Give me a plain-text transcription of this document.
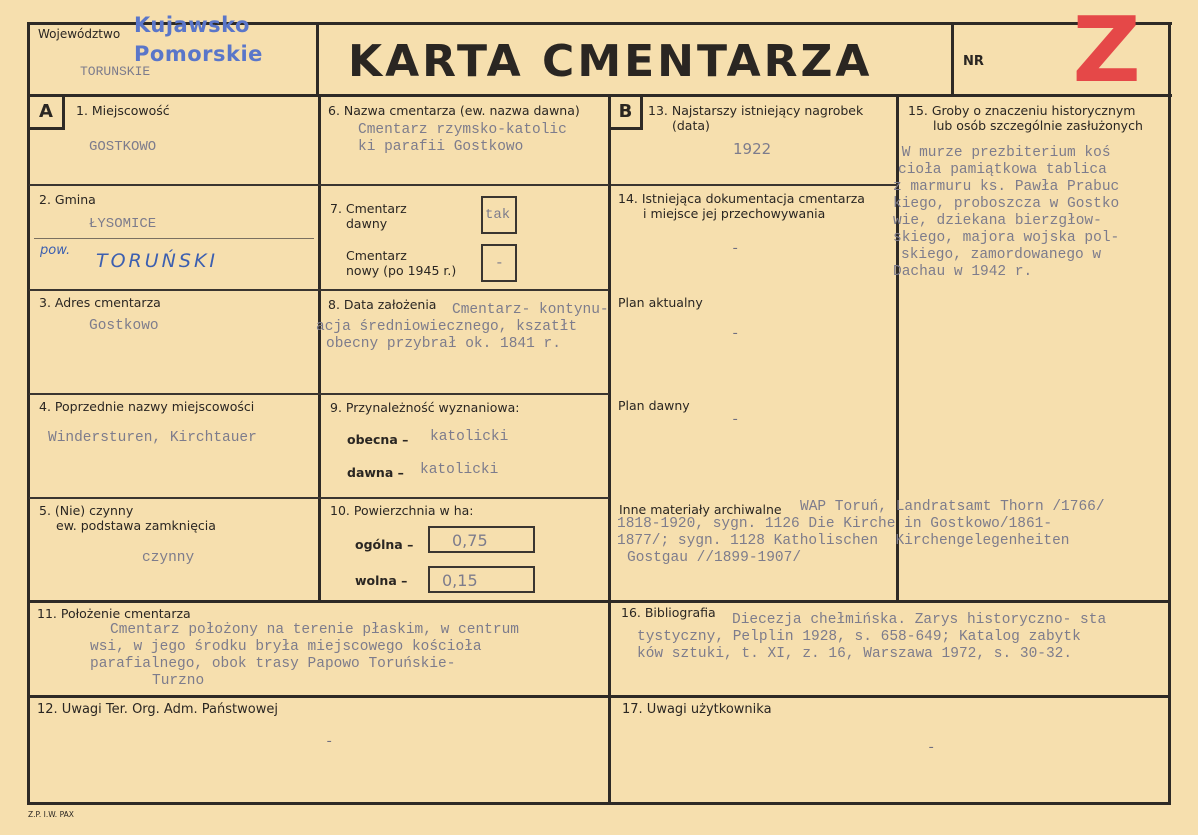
Województwo Kujawsko
Pomorskie
TORUNSKIE	KARTA CMENTARZA	NR Z
A	1. Miejscowość
GOSTKOWO
2. Gmina
ŁYSOMICE
pow. TORUŃSKI
3. Adres cmentarza
Gostkowo
4. Poprzednie nazwy miejscowości
Windersturen, Kirchtauer
5. (Nie) czynny
ew. podstawa zamknięcia
czynny
6. Nazwa cmentarza (ew. nazwa dawna)
Cmentarz rzymsko-katolic
ki parafii Gostkowo
7. Cmentarz
dawny
tak
Cmentarz
nowy (po 1945 r.)	-
8. Data założenia Cmentarz- kontynu-
acja średniowiecznego, kszatłt
obecny przybrał ok. 1841 r.
9. Przynależność wyznaniowa:
obecna – katolicki
dawna – katolicki
10. Powierzchnia w ha:
ogólna – 0,75
wolna – 0,15
11. Położenie cmentarza
Cmentarz położony na terenie płaskim, w centrum
wsi, w jego środku bryła miejscowego kościoła
parafialnego, obok trasy Papowo Toruńskie-
Turzno
12. Uwagi Ter. Org. Adm. Państwowej
-
B	13. Najstarszy istniejący nagrobek
(data)
1922
14. Istniejąca dokumentacja cmentarza
i miejsce jej przechowywania
-
Plan aktualny
-
Plan dawny
-
Inne materiały archiwalne WAP Toruń, Landratsamt Thorn /1766/
1818-1920, sygn. 1126 Die Kirche in Gostkowo/1861-
1877/; sygn. 1128 Katholischen  Kirchengelegenheiten
Gostgau //1899-1907/
15. Groby o znaczeniu historycznym
lub osób szczególnie zasłużonych
W murze prezbiterium koś
cioła pamiątkowa tablica
z marmuru ks. Pawła Prabuc
kiego, proboszcza w Gostko
wie, dziekana bierzgłow-
skiego, majora wojska pol-
skiego, zamordowanego w
Dachau w 1942 r.
16. Bibliografia Diecezja chełmińska. Zarys historyczno- sta
tystyczny, Pelplin 1928, s. 658-649; Katalog zabytk
ków sztuki, t. XI, z. 16, Warszawa 1972, s. 30-32.
17. Uwagi użytkownika
-
Z.P. I.W. PAX
